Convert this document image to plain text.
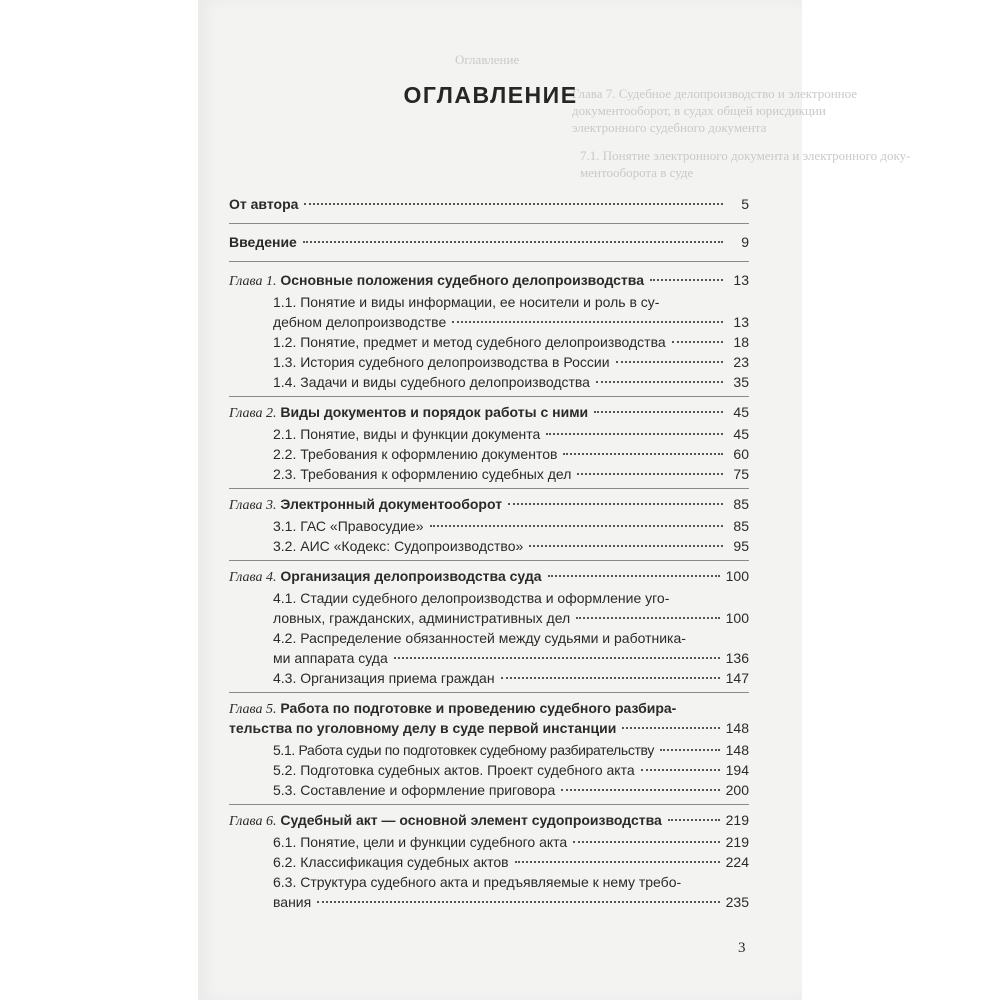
Оглавление
Глава 7. Судебное делопроизводство и электронное
документооборот, в судах общей юрисдикции
электронного судебного документа
7.1. Понятие электронного документа и электронного доку-
ментооборота в суде
ОГЛАВЛЕНИЕ
От автора	5
Введение	9
Глава 1.
Основные положения судебного делопроизводства	13
1.1. Понятие и виды информации, ее носители и роль в су-
дебном делопроизводстве	13
1.2. Понятие, предмет и метод судебного делопроизводства	18
1.3. История судебного делопроизводства в России	23
1.4. Задачи и виды судебного делопроизводства	35
Глава 2.
Виды документов и порядок работы с ними	45
2.1. Понятие, виды и функции документа	45
2.2. Требования к оформлению документов	60
2.3. Требования к оформлению судебных дел	75
Глава 3.
Электронный документооборот	85
3.1. ГАС «Правосудие»	85
3.2. АИС «Кодекс: Судопроизводство»	95
Глава 4.
Организация делопроизводства суда	100
4.1. Стадии судебного делопроизводства и оформление уго-
ловных, гражданских, административных дел	100
4.2. Распределение обязанностей между судьями и работника-
ми аппарата суда	136
4.3. Организация приема граждан	147
Глава 5. Работа по подготовке и проведению судебного разбира-
тельства по уголовному делу в суде первой инстанции	148
5.1. Работа судьи по подготовкек судебному разбирательству	148
5.2. Подготовка судебных актов. Проект судебного акта	194
5.3. Составление и оформление приговора	200
Глава 6.
Судебный акт — основной элемент судопроизводства	219
6.1. Понятие, цели и функции судебного акта	219
6.2. Классификация судебных актов	224
6.3. Структура судебного акта и предъявляемые к нему требо-
вания	235
3
